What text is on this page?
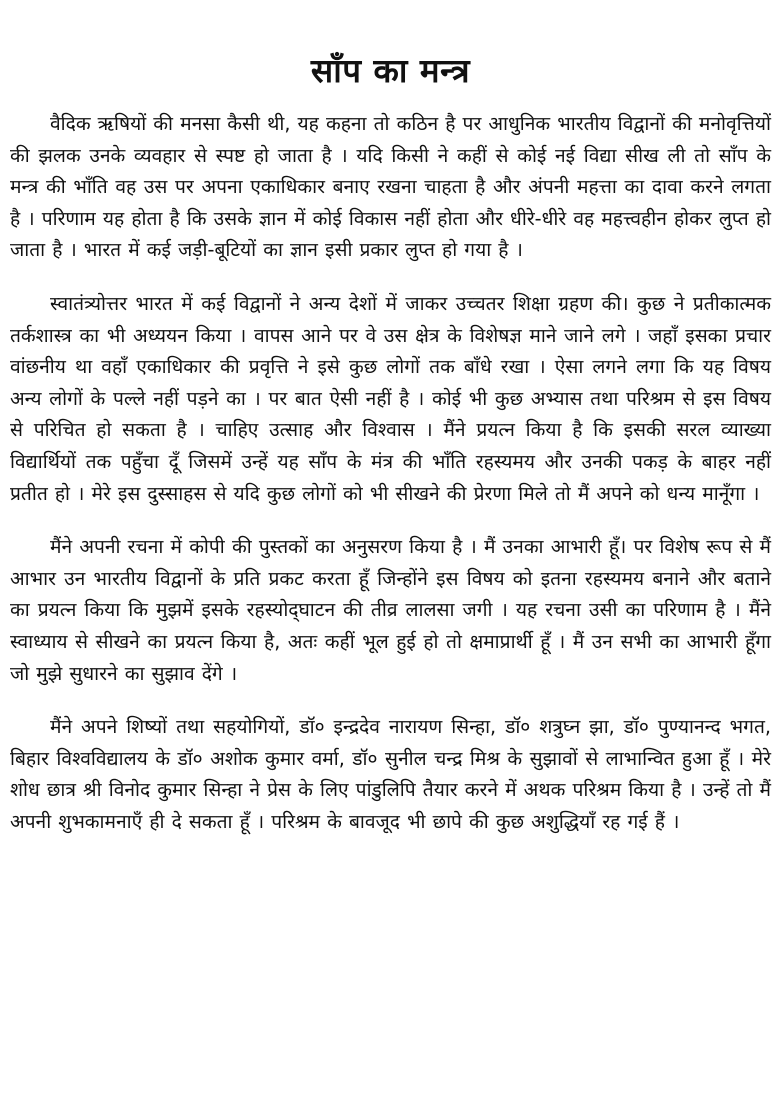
साँप का मन्त्र

वैदिक ऋषियों की मनसा कैसी थी, यह कहना तो कठिन है पर आधुनिक भारतीय विद्वानों की मनोवृत्तियों की झलक उनके व्यवहार से स्पष्ट हो जाता है । यदि किसी ने कहीं से कोई नई विद्या सीख ली तो साँप के मन्त्र की भाँति वह उस पर अपना एकाधिकार बनाए रखना चाहता है और अंपनी महत्ता का दावा करने लगता है । परिणाम यह होता है कि उसके ज्ञान में कोई विकास नहीं होता और धीरे-धीरे वह महत्त्वहीन होकर लुप्त हो जाता है । भारत में कई जड़ी-बूटियों का ज्ञान इसी प्रकार लुप्त हो गया है ।

स्वातंत्र्योत्तर भारत में कई विद्वानों ने अन्य देशों में जाकर उच्चतर शिक्षा ग्रहण की। कुछ ने प्रतीकात्मक तर्कशास्त्र का भी अध्ययन किया । वापस आने पर वे उस क्षेत्र के विशेषज्ञ माने जाने लगे । जहाँ इसका प्रचार वांछनीय था वहाँ एकाधिकार की प्रवृत्ति ने इसे कुछ लोगों तक बाँधे रखा । ऐसा लगने लगा कि यह विषय अन्य लोगों के पल्ले नहीं पड़ने का । पर बात ऐसी नहीं है । कोई भी कुछ अभ्यास तथा परिश्रम से इस विषय से परिचित हो सकता है । चाहिए उत्साह और विश्वास । मैंने प्रयत्न किया है कि इसकी सरल व्याख्या विद्यार्थियों तक पहुँचा दूँ जिसमें उन्हें यह साँप के मंत्र की भाँति रहस्यमय और उनकी पकड़ के बाहर नहीं प्रतीत हो । मेरे इस दुस्साहस से यदि कुछ लोगों को भी सीखने की प्रेरणा मिले तो मैं अपने को धन्य मानूँगा ।

मैंने अपनी रचना में कोपी की पुस्तकों का अनुसरण किया है । मैं उनका आभारी हूँ। पर विशेष रूप से मैं आभार उन भारतीय विद्वानों के प्रति प्रकट करता हूँ जिन्होंने इस विषय को इतना रहस्यमय बनाने और बताने का प्रयत्न किया कि मुझमें इसके रहस्योद्‌घाटन की तीव्र लालसा जगी । यह रचना उसी का परिणाम है । मैंने स्वाध्याय से सीखने का प्रयत्न किया है, अतः कहीं भूल हुई हो तो क्षमाप्रार्थी हूँ । मैं उन सभी का आभारी हूँगा जो मुझे सुधारने का सुझाव देंगे ।

मैंने अपने शिष्यों तथा सहयोगियों, डॉ० इन्द्रदेव नारायण सिन्हा, डॉ० शत्रुघ्न झा, डॉ० पुण्यानन्द भगत, बिहार विश्वविद्यालय के डॉ० अशोक कुमार वर्मा, डॉ० सुनील चन्द्र मिश्र के सुझावों से लाभान्वित हुआ हूँ । मेरे शोध छात्र श्री विनोद कुमार सिन्हा ने प्रेस के लिए पांडुलिपि तैयार करने में अथक परिश्रम किया है । उन्हें तो मैं अपनी शुभकामनाएँ ही दे सकता हूँ । परिश्रम के बावजूद भी छापे की कुछ अशुद्धियाँ रह गई हैं ।
